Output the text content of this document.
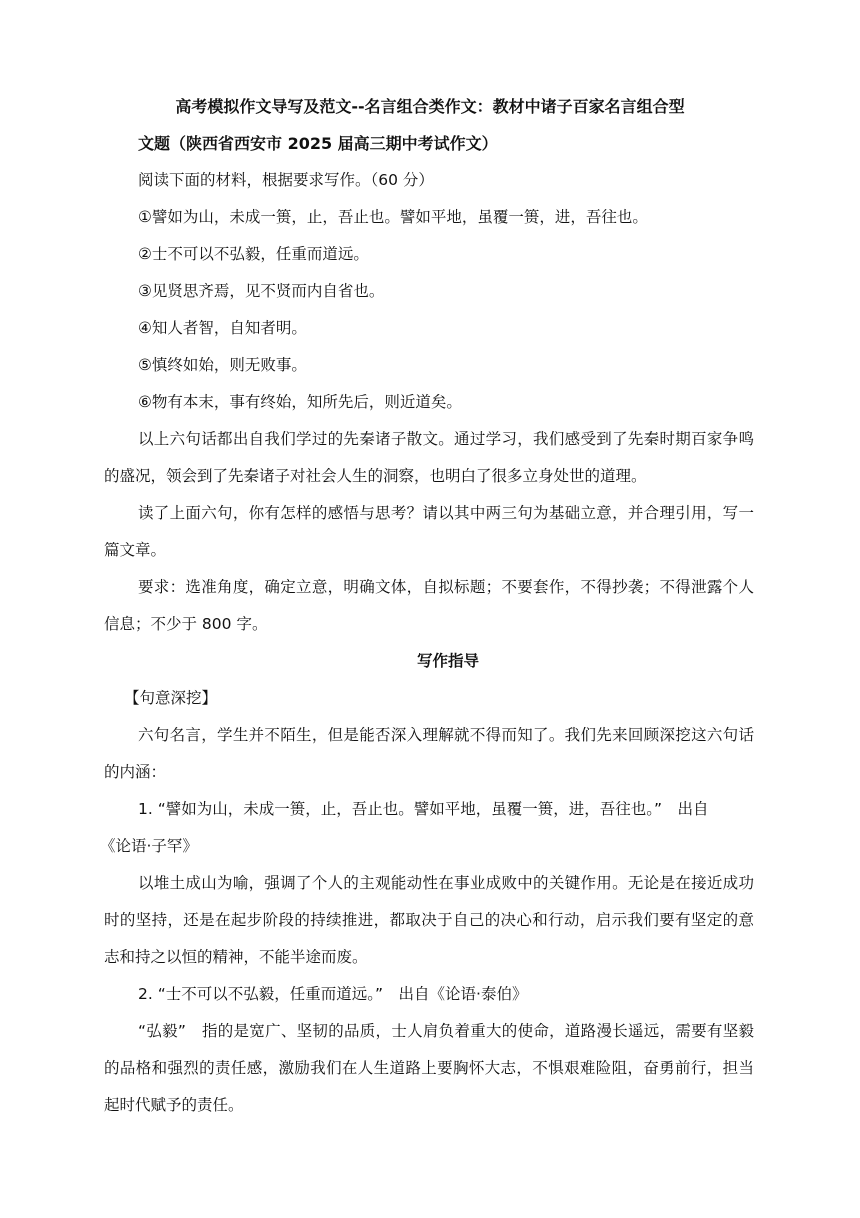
高考模拟作文导写及范文--名言组合类作文：教材中诸子百家名言组合型
文题（陕西省西安市 2025 届高三期中考试作文）

阅读下面的材料，根据要求写作。（60 分）

①譬如为山，未成一篑，止，吾止也。譬如平地，虽覆一篑，进，吾往也。

②士不可以不弘毅，任重而道远。

③见贤思齐焉，见不贤而内自省也。

④知人者智，自知者明。

⑤慎终如始，则无败事。

⑥物有本末，事有终始，知所先后，则近道矣。

以上六句话都出自我们学过的先秦诸子散文。通过学习，我们感受到了先秦时期百家争鸣的盛况，领会到了先秦诸子对社会人生的洞察，也明白了很多立身处世的道理。

读了上面六句，你有怎样的感悟与思考？请以其中两三句为基础立意，并合理引用，写一篇文章。

要求：选准角度，确定立意，明确文体，自拟标题；不要套作，不得抄袭；不得泄露个人信息；不少于 800 字。

写作指导

【句意深挖】

六句名言，学生并不陌生，但是能否深入理解就不得而知了。我们先来回顾深挖这六句话的内涵：

1. “譬如为山，未成一篑，止，吾止也。譬如平地，虽覆一篑，进，吾往也。”　出自
《论语·子罕》

以堆土成山为喻，强调了个人的主观能动性在事业成败中的关键作用。无论是在接近成功时的坚持，还是在起步阶段的持续推进，都取决于自己的决心和行动，启示我们要有坚定的意志和持之以恒的精神，不能半途而废。

2. “士不可以不弘毅，任重而道远。”　出自《论语·泰伯》

“弘毅”　指的是宽广、坚韧的品质，士人肩负着重大的使命，道路漫长遥远，需要有坚毅的品格和强烈的责任感，激励我们在人生道路上要胸怀大志，不惧艰难险阻，奋勇前行，担当起时代赋予的责任。
